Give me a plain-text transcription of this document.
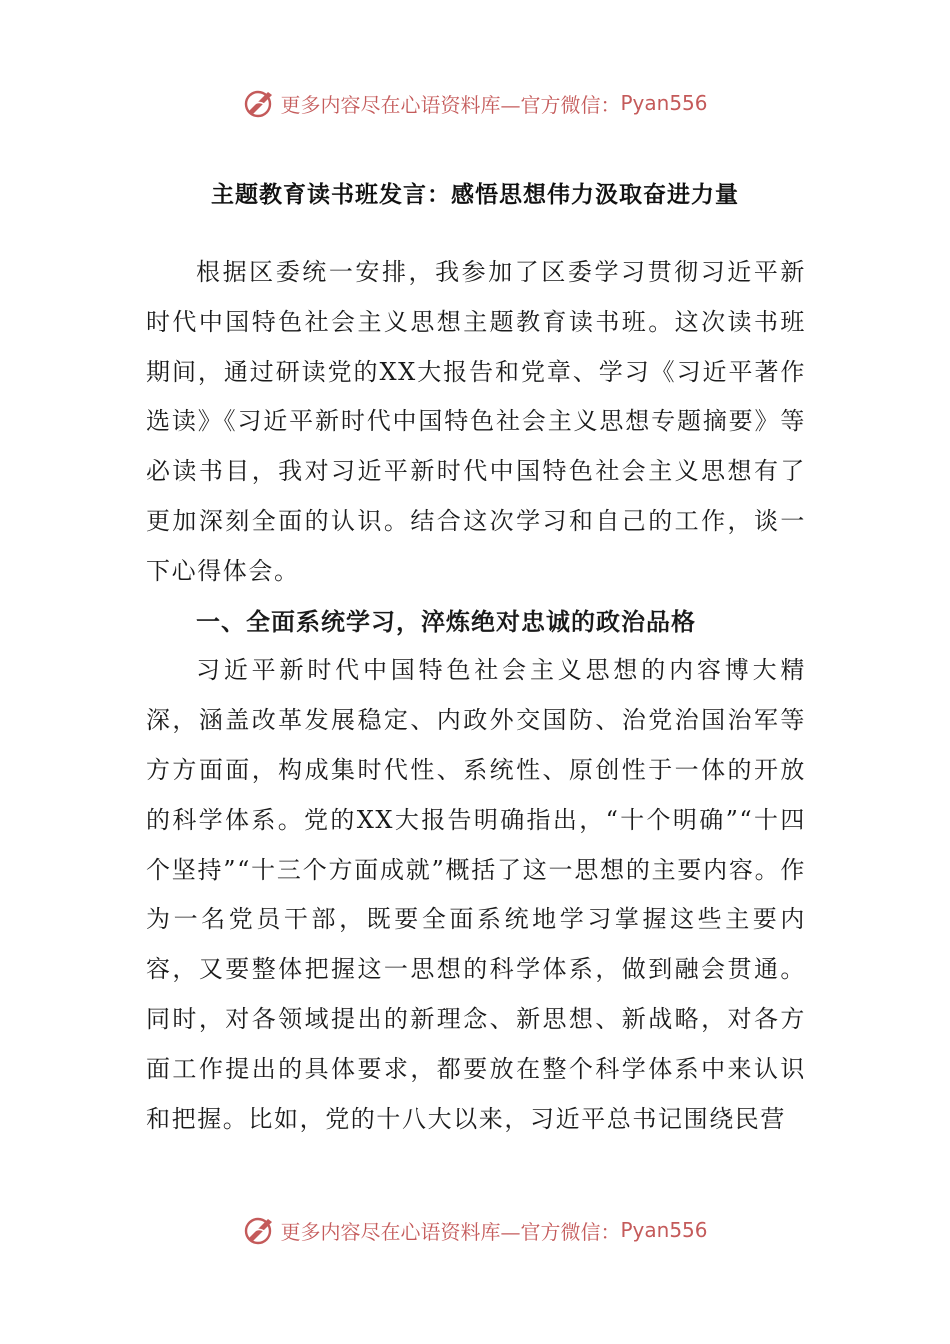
更多内容尽在心语资料库—官方微信： Pyan556
主题教育读书班发言：感悟思想伟力汲取奋进力量

根据区委统一安排，我参加了区委学习贯彻习近平新时代中国特色社会主义思想主题教育读书班。这次读书班期间，通过研读党的XX大报告和党章、学习《习近平著作选读》《习近平新时代中国特色社会主义思想专题摘要》等必读书目，我对习近平新时代中国特色社会主义思想有了更加深刻全面的认识。结合这次学习和自己的工作，谈一下心得体会。

一、全面系统学习，淬炼绝对忠诚的政治品格

习近平新时代中国特色社会主义思想的内容博大精深，涵盖改革发展稳定、内政外交国防、治党治国治军等方方面面，构成集时代性、系统性、原创性于一体的开放的科学体系。党的XX大报告明确指出，“十个明确”“十四个坚持”“十三个方面成就”概括了这一思想的主要内容。作为一名党员干部，既要全面系统地学习掌握这些主要内容，又要整体把握这一思想的科学体系，做到融会贯通。同时，对各领域提出的新理念、新思想、新战略，对各方面工作提出的具体要求，都要放在整个科学体系中来认识和把握。比如，党的十八大以来，习近平总书记围绕民营

更多内容尽在心语资料库—官方微信： Pyan556
